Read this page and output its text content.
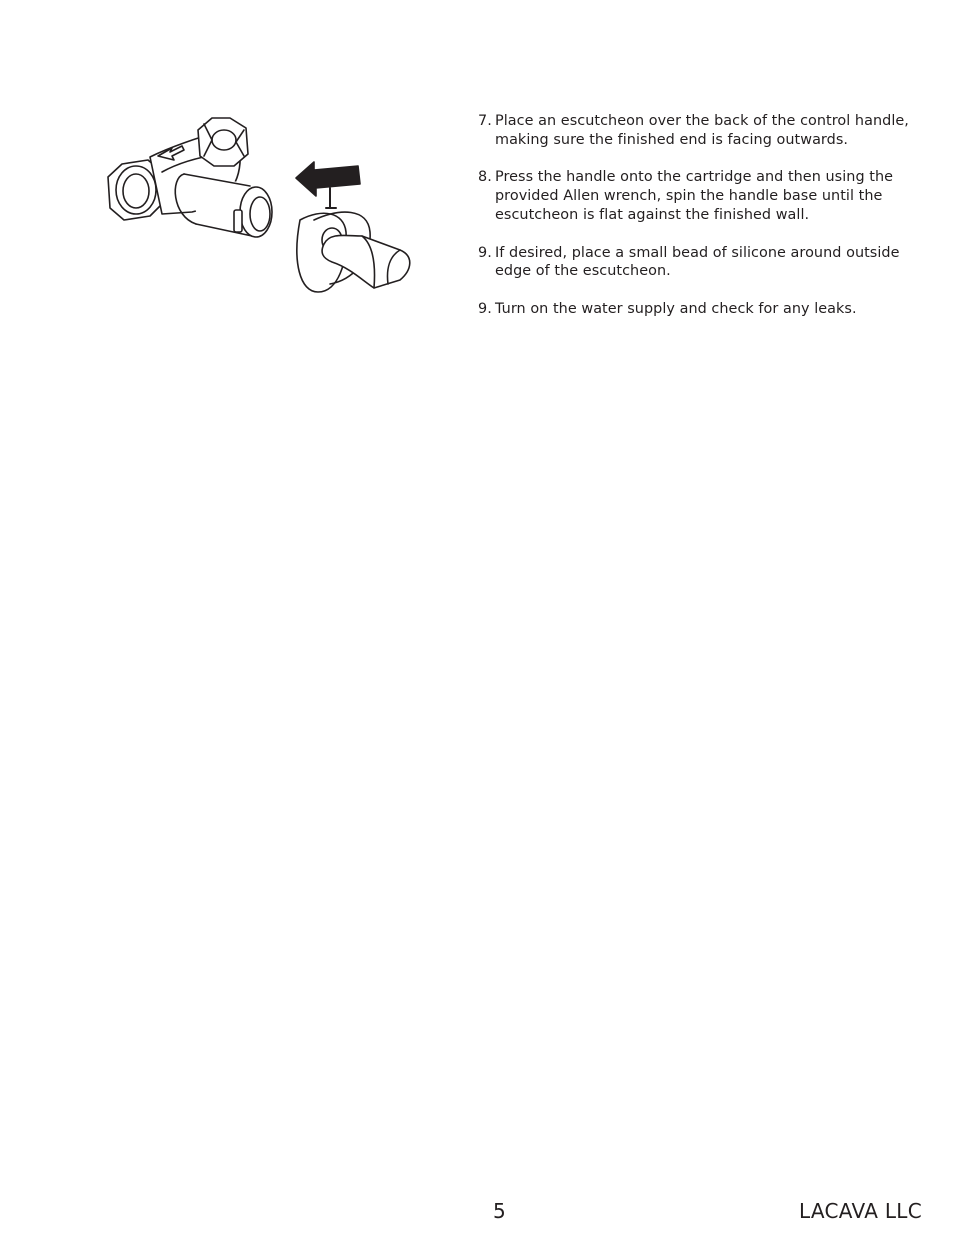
7. Place an escutcheon over the back of the control handle, making sure the finished end is facing outwards.
8. Press the handle onto the cartridge and then using the provided Allen wrench, spin the handle base until the escutcheon is flat against the finished wall.
9. If desired, place a small bead of silicone around outside edge of the escutcheon.
9. Turn on the water supply and check for any leaks.
5	LACAVA LLC
